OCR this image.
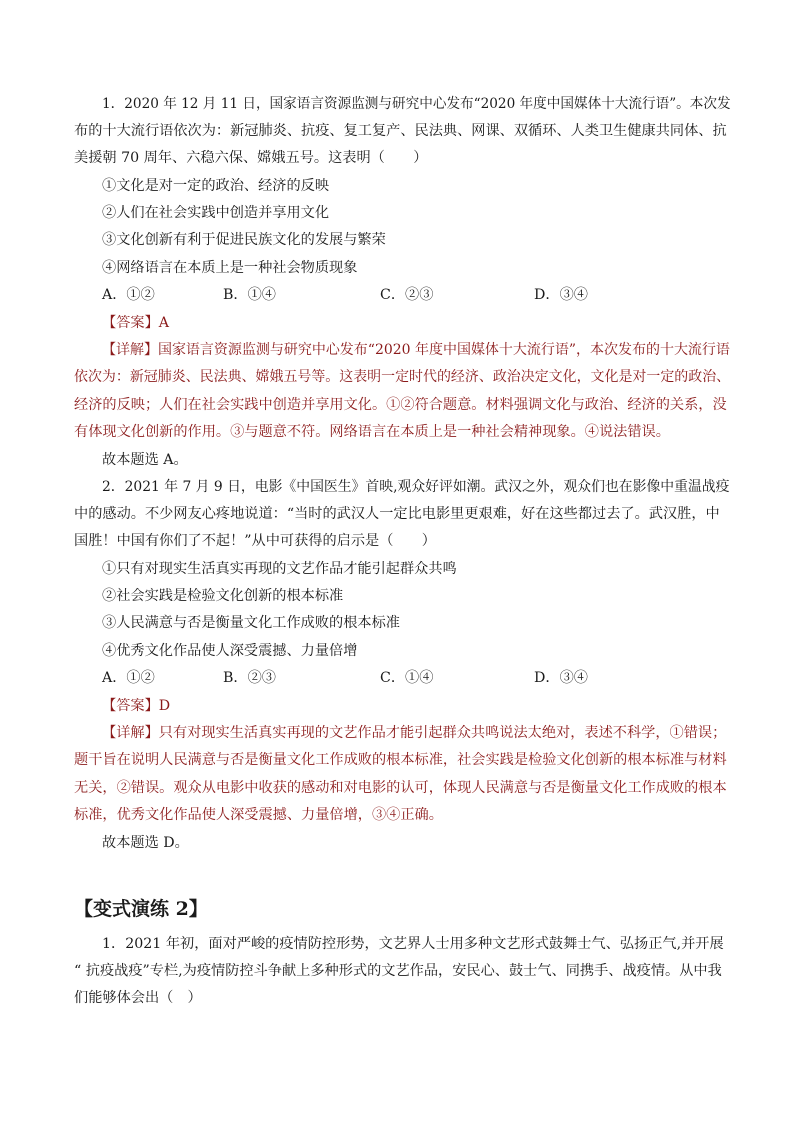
1．2020 年 12 月 11 日，国家语言资源监测与研究中心发布“2020 年度中国媒体十大流行语”。本次发
布的十大流行语依次为：新冠肺炎、抗疫、复工复产、民法典、网课、双循环、人类卫生健康共同体、抗
美援朝 70 周年、六稳六保、嫦娥五号。这表明（　　）
①文化是对一定的政治、经济的反映
②人们在社会实践中创造并享用文化
③文化创新有利于促进民族文化的发展与繁荣
④网络语言在本质上是一种社会物质现象
A．①②	B．①④	C．②③	D．③④
【答案】A
【详解】国家语言资源监测与研究中心发布“2020 年度中国媒体十大流行语”，本次发布的十大流行语
依次为：新冠肺炎、民法典、嫦娥五号等。这表明一定时代的经济、政治决定文化，文化是对一定的政治、
经济的反映；人们在社会实践中创造并享用文化。①②符合题意。材料强调文化与政治、经济的关系，没
有体现文化创新的作用。③与题意不符。网络语言在本质上是一种社会精神现象。④说法错误。
故本题选 A。
2．2021 年 7 月 9 日，电影《中国医生》首映,观众好评如潮。武汉之外，观众们也在影像中重温战疫
中的感动。不少网友心疼地说道：“当时的武汉人一定比电影里更艰难，好在这些都过去了。武汉胜，中
国胜！中国有你们了不起！”从中可获得的启示是（　　）
①只有对现实生活真实再现的文艺作品才能引起群众共鸣
②社会实践是检验文化创新的根本标准
③人民满意与否是衡量文化工作成败的根本标准
④优秀文化作品使人深受震撼、力量倍增
A．①②	B．②③	C．①④	D．③④
【答案】D
【详解】只有对现实生活真实再现的文艺作品才能引起群众共鸣说法太绝对，表述不科学，①错误；
题干旨在说明人民满意与否是衡量文化工作成败的根本标准，社会实践是检验文化创新的根本标准与材料
无关，②错误。观众从电影中收获的感动和对电影的认可，体现人民满意与否是衡量文化工作成败的根本
标准，优秀文化作品使人深受震撼、力量倍增，③④正确。
故本题选 D。
【变式演练 2】
1．2021 年初，面对严峻的疫情防控形势，文艺界人士用多种文艺形式鼓舞士气、弘扬正气,并开展
“ 抗疫战疫”专栏,为疫情防控斗争献上多种形式的文艺作品，安民心、鼓士气、同携手、战疫情。从中我
们能够体会出（　）
